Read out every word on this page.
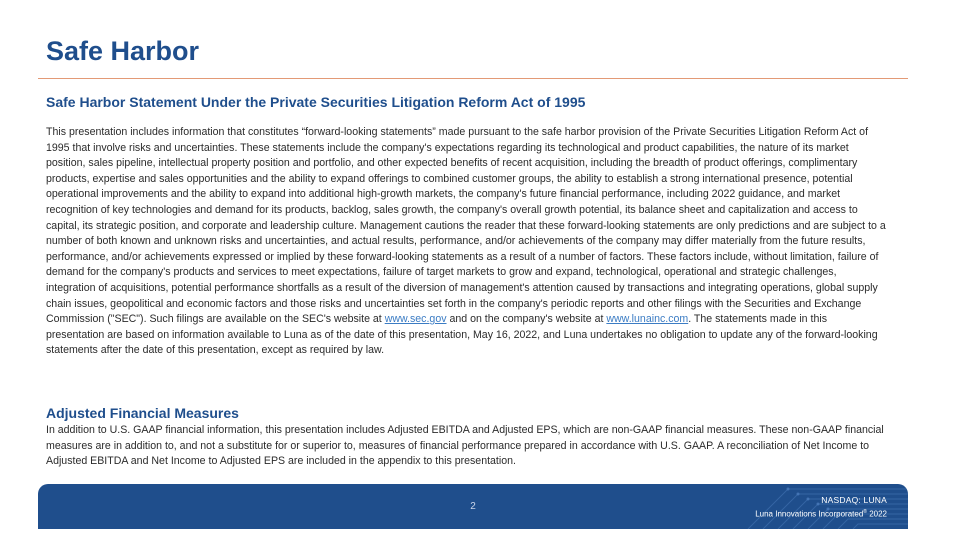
Safe Harbor
Safe Harbor Statement Under the Private Securities Litigation Reform Act of 1995
This presentation includes information that constitutes “forward-looking statements” made pursuant to the safe harbor provision of the Private Securities Litigation Reform Act of 1995 that involve risks and uncertainties. These statements include the company's expectations regarding its technological and product capabilities, the nature of its market position, sales pipeline, intellectual property position and portfolio, and other expected benefits of recent acquisition, including the breadth of product offerings, complimentary products, expertise and sales opportunities and the ability to expand offerings to combined customer groups, the ability to establish a strong international presence, potential operational improvements and the ability to expand into additional high-growth markets, the company's future financial performance, including 2022 guidance, and market recognition of key technologies and demand for its products, backlog, sales growth, the company's overall growth potential, its balance sheet and capitalization and access to capital, its strategic position, and corporate and leadership culture. Management cautions the reader that these forward-looking statements are only predictions and are subject to a number of both known and unknown risks and uncertainties, and actual results, performance, and/or achievements of the company may differ materially from the future results, performance, and/or achievements expressed or implied by these forward-looking statements as a result of a number of factors. These factors include, without limitation, failure of demand for the company's products and services to meet expectations, failure of target markets to grow and expand, technological, operational and strategic challenges, integration of acquisitions, potential performance shortfalls as a result of the diversion of management's attention caused by transactions and integrating operations, global supply chain issues, geopolitical and economic factors and those risks and uncertainties set forth in the company's periodic reports and other filings with the Securities and Exchange Commission ("SEC"). Such filings are available on the SEC's website at www.sec.gov and on the company's website at www.lunainc.com. The statements made in this presentation are based on information available to Luna as of the date of this presentation, May 16, 2022, and Luna undertakes no obligation to update any of the forward-looking statements after the date of this presentation, except as required by law.
Adjusted Financial Measures
In addition to U.S. GAAP financial information, this presentation includes Adjusted EBITDA and Adjusted EPS, which are non-GAAP financial measures. These non-GAAP financial measures are in addition to, and not a substitute for or superior to, measures of financial performance prepared in accordance with U.S. GAAP. A reconciliation of Net Income to Adjusted EBITDA and Net Income to Adjusted EPS are included in the appendix to this presentation.
2
NASDAQ: LUNA
Luna Innovations Incorporated® 2022
